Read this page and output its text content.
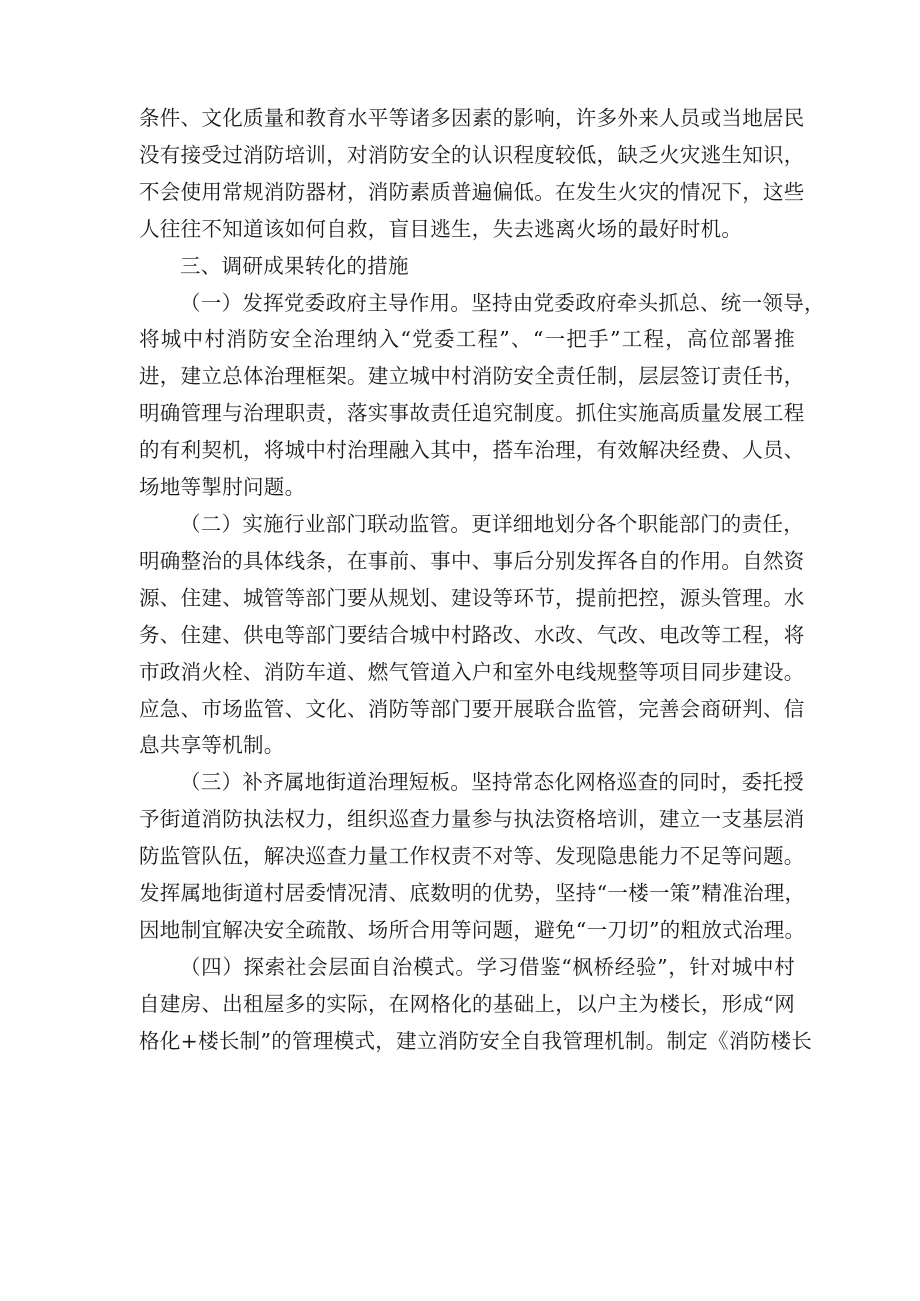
条件、文化质量和教育水平等诸多因素的影响，许多外来人员或当地居民
没有接受过消防培训，对消防安全的认识程度较低，缺乏火灾逃生知识，
不会使用常规消防器材，消防素质普遍偏低。在发生火灾的情况下，这些
人往往不知道该如何自救，盲目逃生，失去逃离火场的最好时机。
三、调研成果转化的措施
（一）发挥党委政府主导作用。坚持由党委政府牵头抓总、统一领导，
将城中村消防安全治理纳入“党委工程”、“一把手”工程，高位部署推
进，建立总体治理框架。建立城中村消防安全责任制，层层签订责任书，
明确管理与治理职责，落实事故责任追究制度。抓住实施高质量发展工程
的有利契机，将城中村治理融入其中，搭车治理，有效解决经费、人员、
场地等掣肘问题。
（二）实施行业部门联动监管。更详细地划分各个职能部门的责任，
明确整治的具体线条，在事前、事中、事后分别发挥各自的作用。自然资
源、住建、城管等部门要从规划、建设等环节，提前把控，源头管理。水
务、住建、供电等部门要结合城中村路改、水改、气改、电改等工程，将
市政消火栓、消防车道、燃气管道入户和室外电线规整等项目同步建设。
应急、市场监管、文化、消防等部门要开展联合监管，完善会商研判、信
息共享等机制。
（三）补齐属地街道治理短板。坚持常态化网格巡查的同时，委托授
予街道消防执法权力，组织巡查力量参与执法资格培训，建立一支基层消
防监管队伍，解决巡查力量工作权责不对等、发现隐患能力不足等问题。
发挥属地街道村居委情况清、底数明的优势，坚持“一楼一策”精准治理，
因地制宜解决安全疏散、场所合用等问题，避免“一刀切”的粗放式治理。
（四）探索社会层面自治模式。学习借鉴“枫桥经验”，针对城中村
自建房、出租屋多的实际，在网格化的基础上，以户主为楼长，形成“网
格化+楼长制”的管理模式，建立消防安全自我管理机制。制定《消防楼长
